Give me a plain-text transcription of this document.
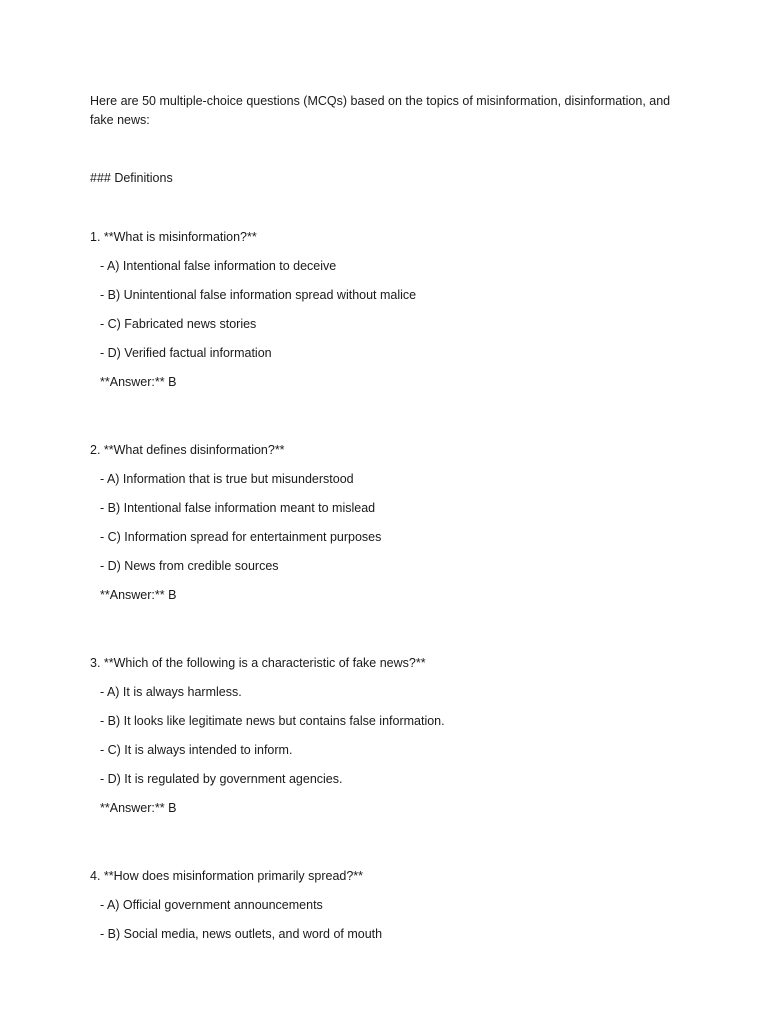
Here are 50 multiple-choice questions (MCQs) based on the topics of misinformation, disinformation, and fake news:

### Definitions
1. **What is misinformation?**
- A) Intentional false information to deceive
- B) Unintentional false information spread without malice
- C) Fabricated news stories
- D) Verified factual information
**Answer:** B
2. **What defines disinformation?**
- A) Information that is true but misunderstood
- B) Intentional false information meant to mislead
- C) Information spread for entertainment purposes
- D) News from credible sources
**Answer:** B
3. **Which of the following is a characteristic of fake news?**
- A) It is always harmless.
- B) It looks like legitimate news but contains false information.
- C) It is always intended to inform.
- D) It is regulated by government agencies.
**Answer:** B
4. **How does misinformation primarily spread?**
- A) Official government announcements
- B) Social media, news outlets, and word of mouth
